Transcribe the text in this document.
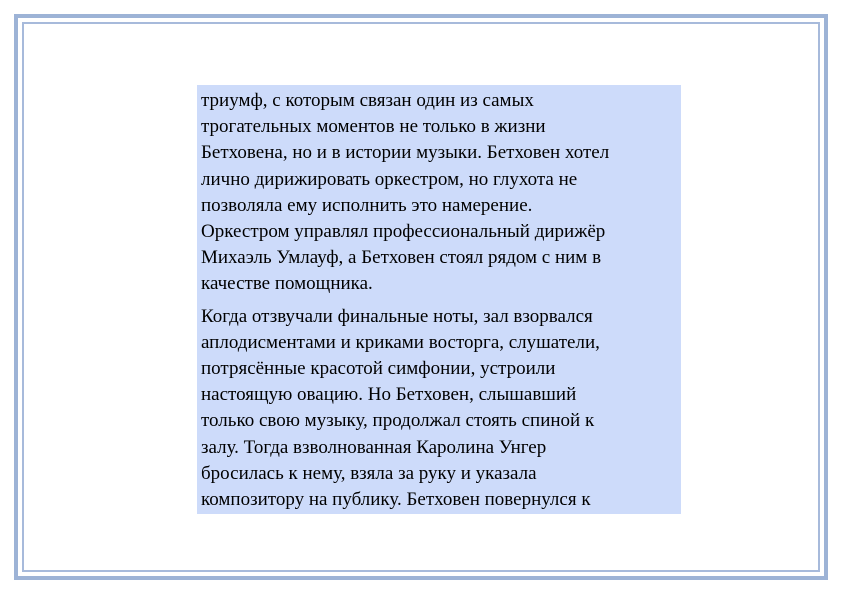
триумф, с которым связан один из самых
трогательных моментов не только в жизни
Бетховена, но и в истории музыки. Бетховен хотел
лично дирижировать оркестром, но глухота не
позволяла ему исполнить это намерение.
Оркестром управлял профессиональный дирижёр
Михаэль Умлауф, а Бетховен стоял рядом с ним в
качестве помощника.

Когда отзвучали финальные ноты, зал взорвался
аплодисментами и криками восторга, слушатели,
потрясённые красотой симфонии, устроили
настоящую овацию. Но Бетховен, слышавший
только свою музыку, продолжал стоять спиной к
залу. Тогда взволнованная Каролина Унгер
бросилась к нему, взяла за руку и указала
композитору на публику. Бетховен повернулся к
